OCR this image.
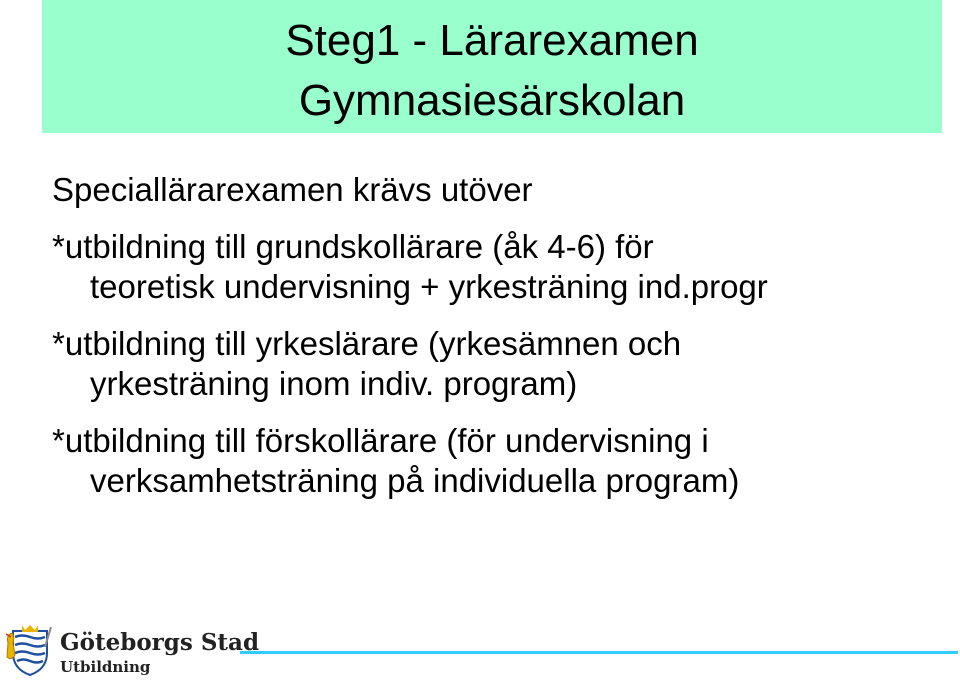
Steg1 - Lärarexamen
Gymnasiesärskolan

Speciallärarexamen krävs utöver

*utbildning till grundskollärare (åk 4-6) för

teoretisk undervisning + yrkesträning ind.progr

*utbildning till yrkeslärare (yrkesämnen och

yrkesträning inom indiv. program)

*utbildning till förskollärare (för undervisning i

verksamhetsträning på individuella program)

Göteborgs Stad
Utbildning
